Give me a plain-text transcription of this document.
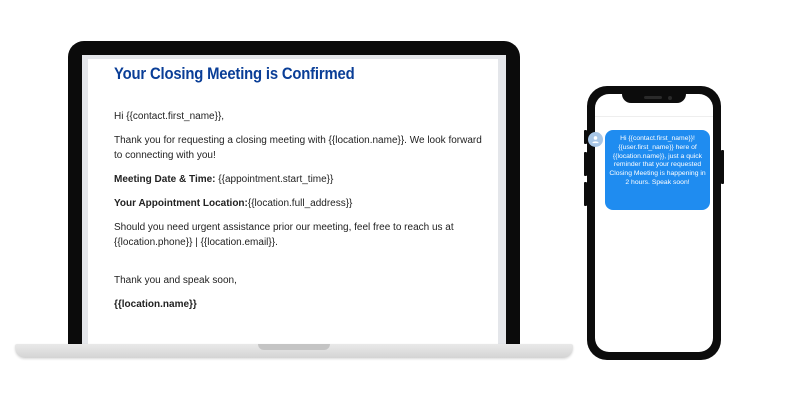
Your Closing Meeting is Confirmed

Hi {{contact.first_name}},

Thank you for requesting a closing meeting with {{location.name}}. We look forward to connecting with you!

Meeting Date & Time: {{appointment.start_time}}

Your Appointment Location:{{location.full_address}}

Should you need urgent assistance prior our meeting, feel free to reach us at {{location.phone}} | {{location.email}}.

Thank you and speak soon,

{{location.name}}

Hi {{contact.first_name}}! {{user.first_name}} here of {{location.name}}, just a quick reminder that your requested Closing Meeting is happening in 2 hours. Speak soon!
